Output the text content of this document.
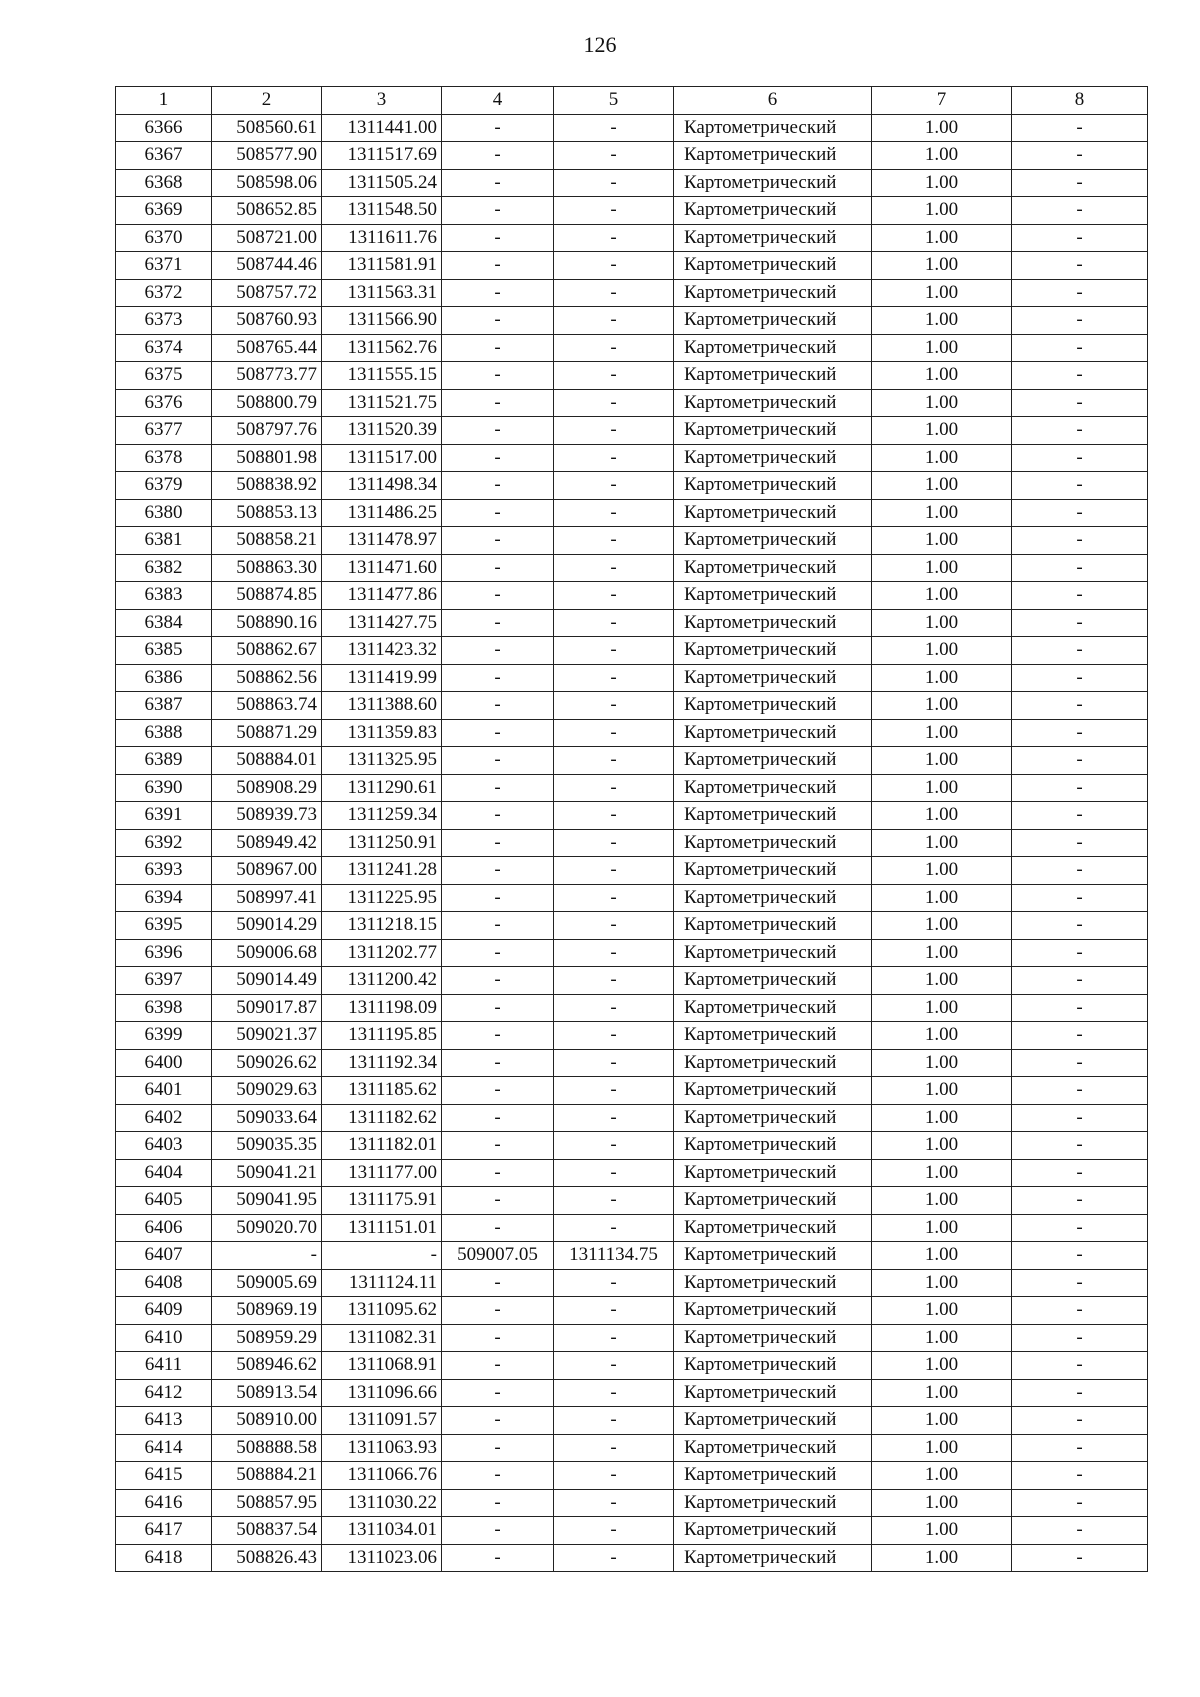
126
1	2	3	4	5	6	7	8
6366	508560.61	1311441.00	-	-	Картометрический	1.00	-
6367	508577.90	1311517.69	-	-	Картометрический	1.00	-
6368	508598.06	1311505.24	-	-	Картометрический	1.00	-
6369	508652.85	1311548.50	-	-	Картометрический	1.00	-
6370	508721.00	1311611.76	-	-	Картометрический	1.00	-
6371	508744.46	1311581.91	-	-	Картометрический	1.00	-
6372	508757.72	1311563.31	-	-	Картометрический	1.00	-
6373	508760.93	1311566.90	-	-	Картометрический	1.00	-
6374	508765.44	1311562.76	-	-	Картометрический	1.00	-
6375	508773.77	1311555.15	-	-	Картометрический	1.00	-
6376	508800.79	1311521.75	-	-	Картометрический	1.00	-
6377	508797.76	1311520.39	-	-	Картометрический	1.00	-
6378	508801.98	1311517.00	-	-	Картометрический	1.00	-
6379	508838.92	1311498.34	-	-	Картометрический	1.00	-
6380	508853.13	1311486.25	-	-	Картометрический	1.00	-
6381	508858.21	1311478.97	-	-	Картометрический	1.00	-
6382	508863.30	1311471.60	-	-	Картометрический	1.00	-
6383	508874.85	1311477.86	-	-	Картометрический	1.00	-
6384	508890.16	1311427.75	-	-	Картометрический	1.00	-
6385	508862.67	1311423.32	-	-	Картометрический	1.00	-
6386	508862.56	1311419.99	-	-	Картометрический	1.00	-
6387	508863.74	1311388.60	-	-	Картометрический	1.00	-
6388	508871.29	1311359.83	-	-	Картометрический	1.00	-
6389	508884.01	1311325.95	-	-	Картометрический	1.00	-
6390	508908.29	1311290.61	-	-	Картометрический	1.00	-
6391	508939.73	1311259.34	-	-	Картометрический	1.00	-
6392	508949.42	1311250.91	-	-	Картометрический	1.00	-
6393	508967.00	1311241.28	-	-	Картометрический	1.00	-
6394	508997.41	1311225.95	-	-	Картометрический	1.00	-
6395	509014.29	1311218.15	-	-	Картометрический	1.00	-
6396	509006.68	1311202.77	-	-	Картометрический	1.00	-
6397	509014.49	1311200.42	-	-	Картометрический	1.00	-
6398	509017.87	1311198.09	-	-	Картометрический	1.00	-
6399	509021.37	1311195.85	-	-	Картометрический	1.00	-
6400	509026.62	1311192.34	-	-	Картометрический	1.00	-
6401	509029.63	1311185.62	-	-	Картометрический	1.00	-
6402	509033.64	1311182.62	-	-	Картометрический	1.00	-
6403	509035.35	1311182.01	-	-	Картометрический	1.00	-
6404	509041.21	1311177.00	-	-	Картометрический	1.00	-
6405	509041.95	1311175.91	-	-	Картометрический	1.00	-
6406	509020.70	1311151.01	-	-	Картометрический	1.00	-
6407	-	-	509007.05	1311134.75	Картометрический	1.00	-
6408	509005.69	1311124.11	-	-	Картометрический	1.00	-
6409	508969.19	1311095.62	-	-	Картометрический	1.00	-
6410	508959.29	1311082.31	-	-	Картометрический	1.00	-
6411	508946.62	1311068.91	-	-	Картометрический	1.00	-
6412	508913.54	1311096.66	-	-	Картометрический	1.00	-
6413	508910.00	1311091.57	-	-	Картометрический	1.00	-
6414	508888.58	1311063.93	-	-	Картометрический	1.00	-
6415	508884.21	1311066.76	-	-	Картометрический	1.00	-
6416	508857.95	1311030.22	-	-	Картометрический	1.00	-
6417	508837.54	1311034.01	-	-	Картометрический	1.00	-
6418	508826.43	1311023.06	-	-	Картометрический	1.00	-
